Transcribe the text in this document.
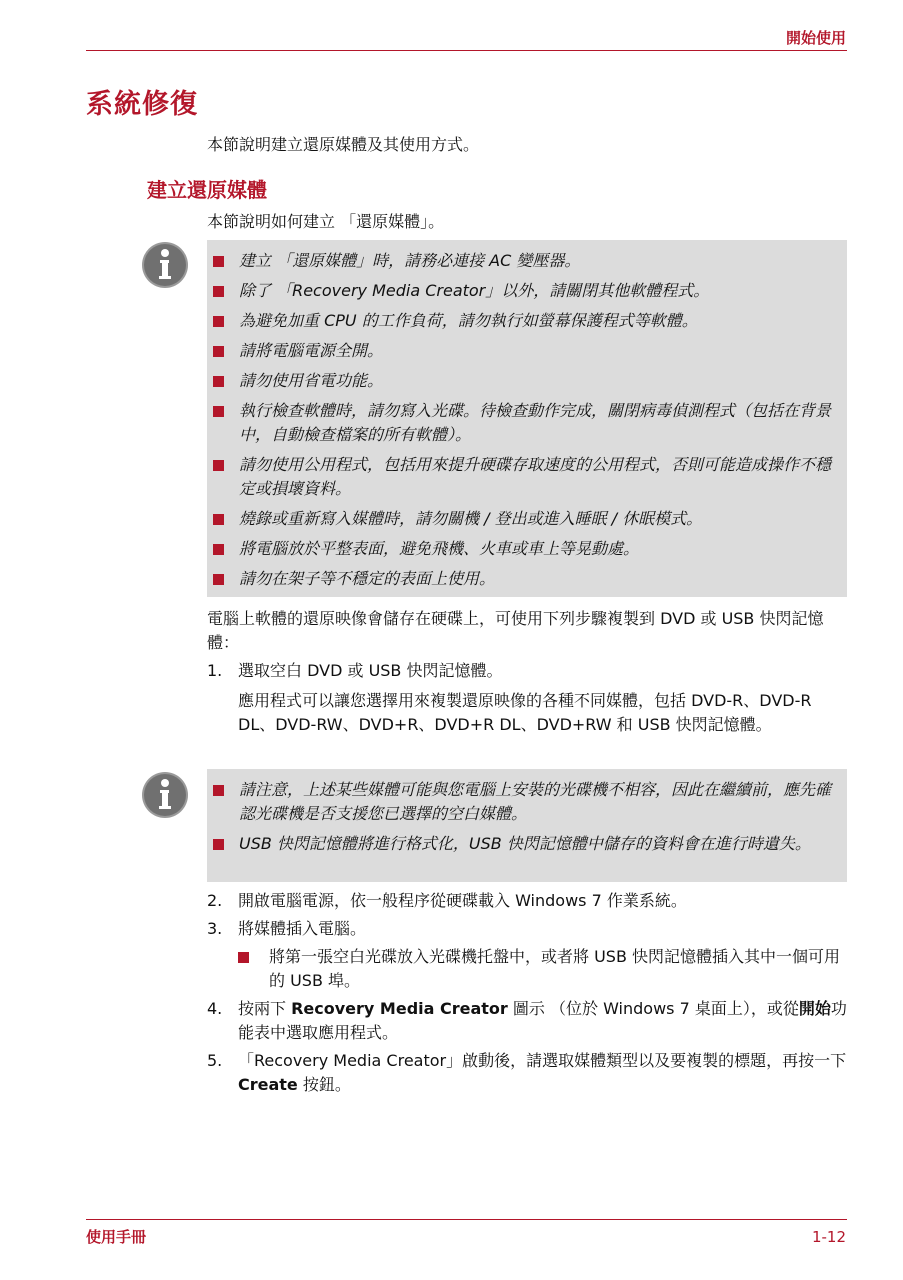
開始使用
系統修復
本節說明建立還原媒體及其使用方式。
建立還原媒體
本節說明如何建立 「還原媒體」。
建立 「還原媒體」時，請務必連接 AC 變壓器。
除了 「Recovery Media Creator」以外，請關閉其他軟體程式。
為避免加重 CPU 的工作負荷，請勿執行如螢幕保護程式等軟體。
請將電腦電源全開。
請勿使用省電功能。
執行檢查軟體時，請勿寫入光碟。待檢查動作完成，關閉病毒偵測程式（包括在背景中，自動檢查檔案的所有軟體）。
請勿使用公用程式，包括用來提升硬碟存取速度的公用程式，否則可能造成操作不穩定或損壞資料。
燒錄或重新寫入媒體時，請勿關機 / 登出或進入睡眠 / 休眠模式。
將電腦放於平整表面，避免飛機、火車或車上等晃動處。
請勿在架子等不穩定的表面上使用。
電腦上軟體的還原映像會儲存在硬碟上，可使用下列步驟複製到 DVD 或 USB 快閃記憶體：
1. 選取空白 DVD 或 USB 快閃記憶體。
應用程式可以讓您選擇用來複製還原映像的各種不同媒體，包括 DVD-R、DVD-R DL、DVD-RW、DVD+R、DVD+R DL、DVD+RW 和 USB 快閃記憶體。
請注意，上述某些媒體可能與您電腦上安裝的光碟機不相容，因此在繼續前，應先確認光碟機是否支援您已選擇的空白媒體。
USB 快閃記憶體將進行格式化，USB 快閃記憶體中儲存的資料會在進行時遺失。
2. 開啟電腦電源，依一般程序從硬碟載入 Windows 7 作業系統。
3. 將媒體插入電腦。
將第一張空白光碟放入光碟機托盤中，或者將 USB 快閃記憶體插入其中一個可用的 USB 埠。
4. 按兩下 Recovery Media Creator 圖示 （位於 Windows 7 桌面上），或從開始功能表中選取應用程式。
5. 「Recovery Media Creator」啟動後，請選取媒體類型以及要複製的標題，再按一下 Create 按鈕。
使用手冊	1-12
